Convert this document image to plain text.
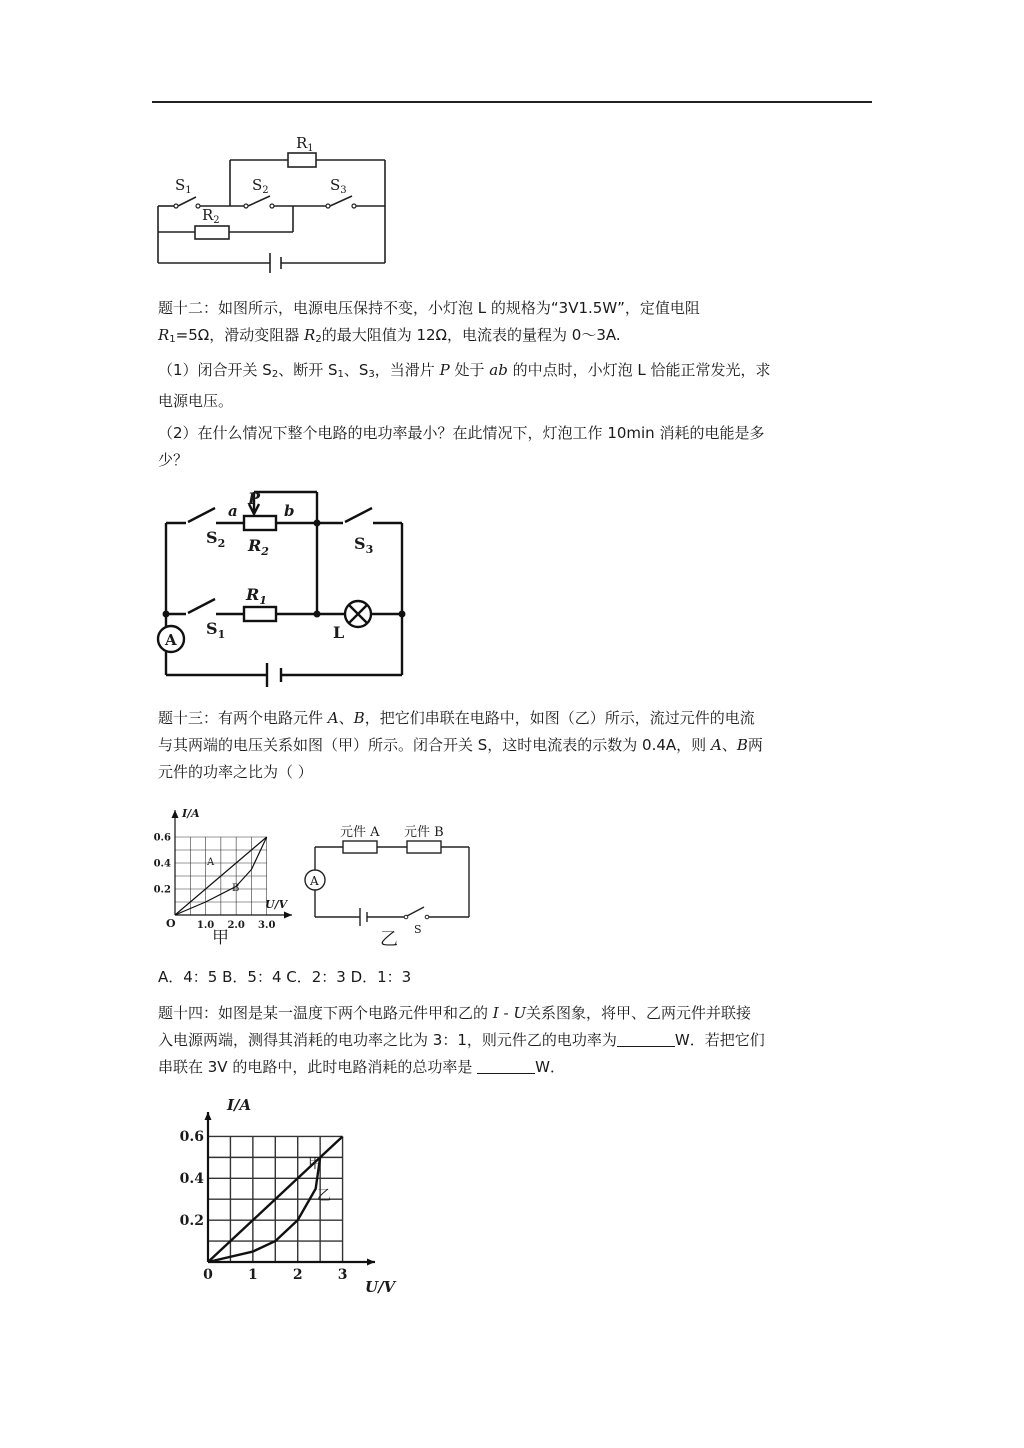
$R_1$
$S_1$
$R_2$
$S_2$	$S_3$

题十二：如图所示，电源电压保持不变，小灯泡 L 的规格为“3V1.5W”，定值电阻
$R_1=5\Omega$，滑动变阻器 $R_2$的最大阻值为 12Ω，电流表的量程为 0～3A.

（1）闭合开关 $S_2$、断开 $S_1$、$S_3$，当滑片 P 处于 ab 的中点时，小灯泡 L 恰能正常发光，求
电源电压。

（2）在什么情况下整个电路的电功率最小？在此情况下，灯泡工作 10min 消耗的电能是多
少？

P
a	b
$R_2$
$S_2$	$S_3$
$R_1$
$S_1$	L
A

题十三：有两个电路元件 A、B，把它们串联在电路中，如图（乙）所示，流过元件的电流
与其两端的电压关系如图（甲）所示。闭合开关 S，这时电流表的示数为 0.4A，则 A、B两
元件的功率之比为（ ）

1.0 2.0 3.0
0.2
0.4
0.6
O
U/V
I/A
A
B
甲
元件 A 元件 B
A
S
乙

A．4：5 B．5：4 C．2：3 D．1：3

题十四：如图是某一温度下两个电路元件甲和乙的 I - U关系图象，将甲、乙两元件并联接
入电源两端，测得其消耗的电功率之比为 3：1，则元件乙的电功率为	W．若把它们
串联在 3V 的电路中，此时电路消耗的总功率是	W．

0	1	2	3
0.2
0.4
0.6
U/V
I/A
甲
乙
